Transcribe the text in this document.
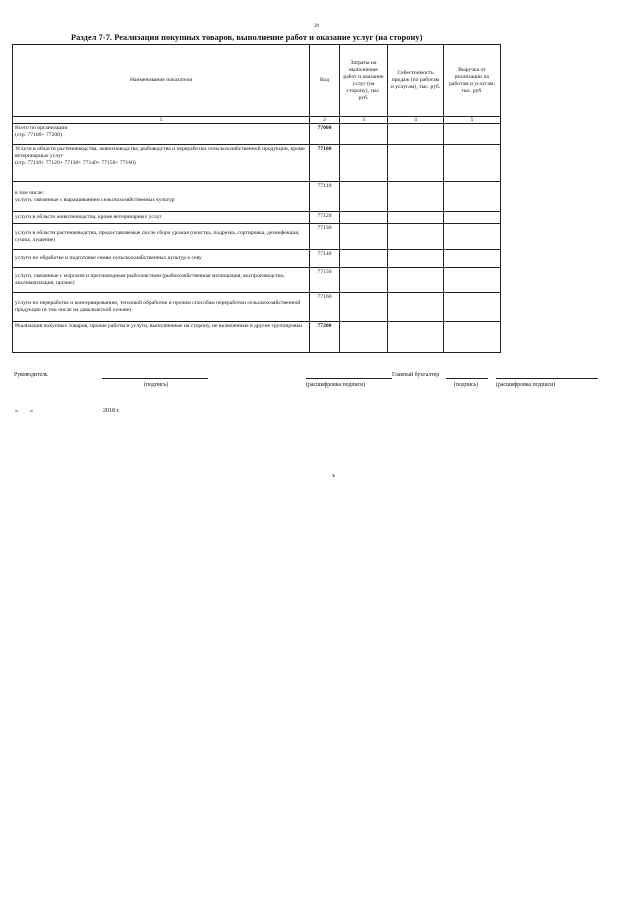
20
Раздел 7-7. Реализация покупных товаров, выполнение работ и оказание услуг (на сторону)
Наименование показателя	Код	Затраты на выполнение работ и оказание услуг (на сторону), тыс. руб.	Себестоимость продаж (по работам и услугам), тыс. руб.	Выручка от реализации по работам и услугам, тыс. руб.
1	2	3	4	5
Всего по организации
(стр. 77100+ 77200)	77000			
Услуги в области растениеводства, животноводства, рыбоводства и переработки сельскохозяйственной продукции, кроме ветеринарных услуг
(стр. 77110+ 77120+ 77130+ 77140+ 77150+ 77160)	77100			
в том числе:
услуги, связанные с выращиванием сельскохозяйственных культур	77110			
услуги в области животноводства, кроме ветеринарных услуг	77120			
услуги в области растениеводства, предоставляемые после сбора урожая (очистка, подрезка, сортировка, дезинфекция, сушка, лущение)	77130			
услуги по обработке и подготовке семян сельскохозяйственных культур к севу	77140			
услуги, связанные с морским и пресноводным рыболовством (рыбохозяйственная мелиорация, воспроизводство, акклиматизация, прочие)	77150			
услуги по переработке и консервированию, тепловой обработке и прочим способам переработки сельскохозяйственной продукции (в том числе на давальческой основе)	77160			
Реализация покупных товаров, прочие работы и услуги, выполненные на сторону, не включенные в другие группировки	77200			
Руководитель
(подпись)	(расшифровка подписи)
Главный бухгалтер
(подпись)	(расшифровка подписи)
« »	2018 г.
ъ
